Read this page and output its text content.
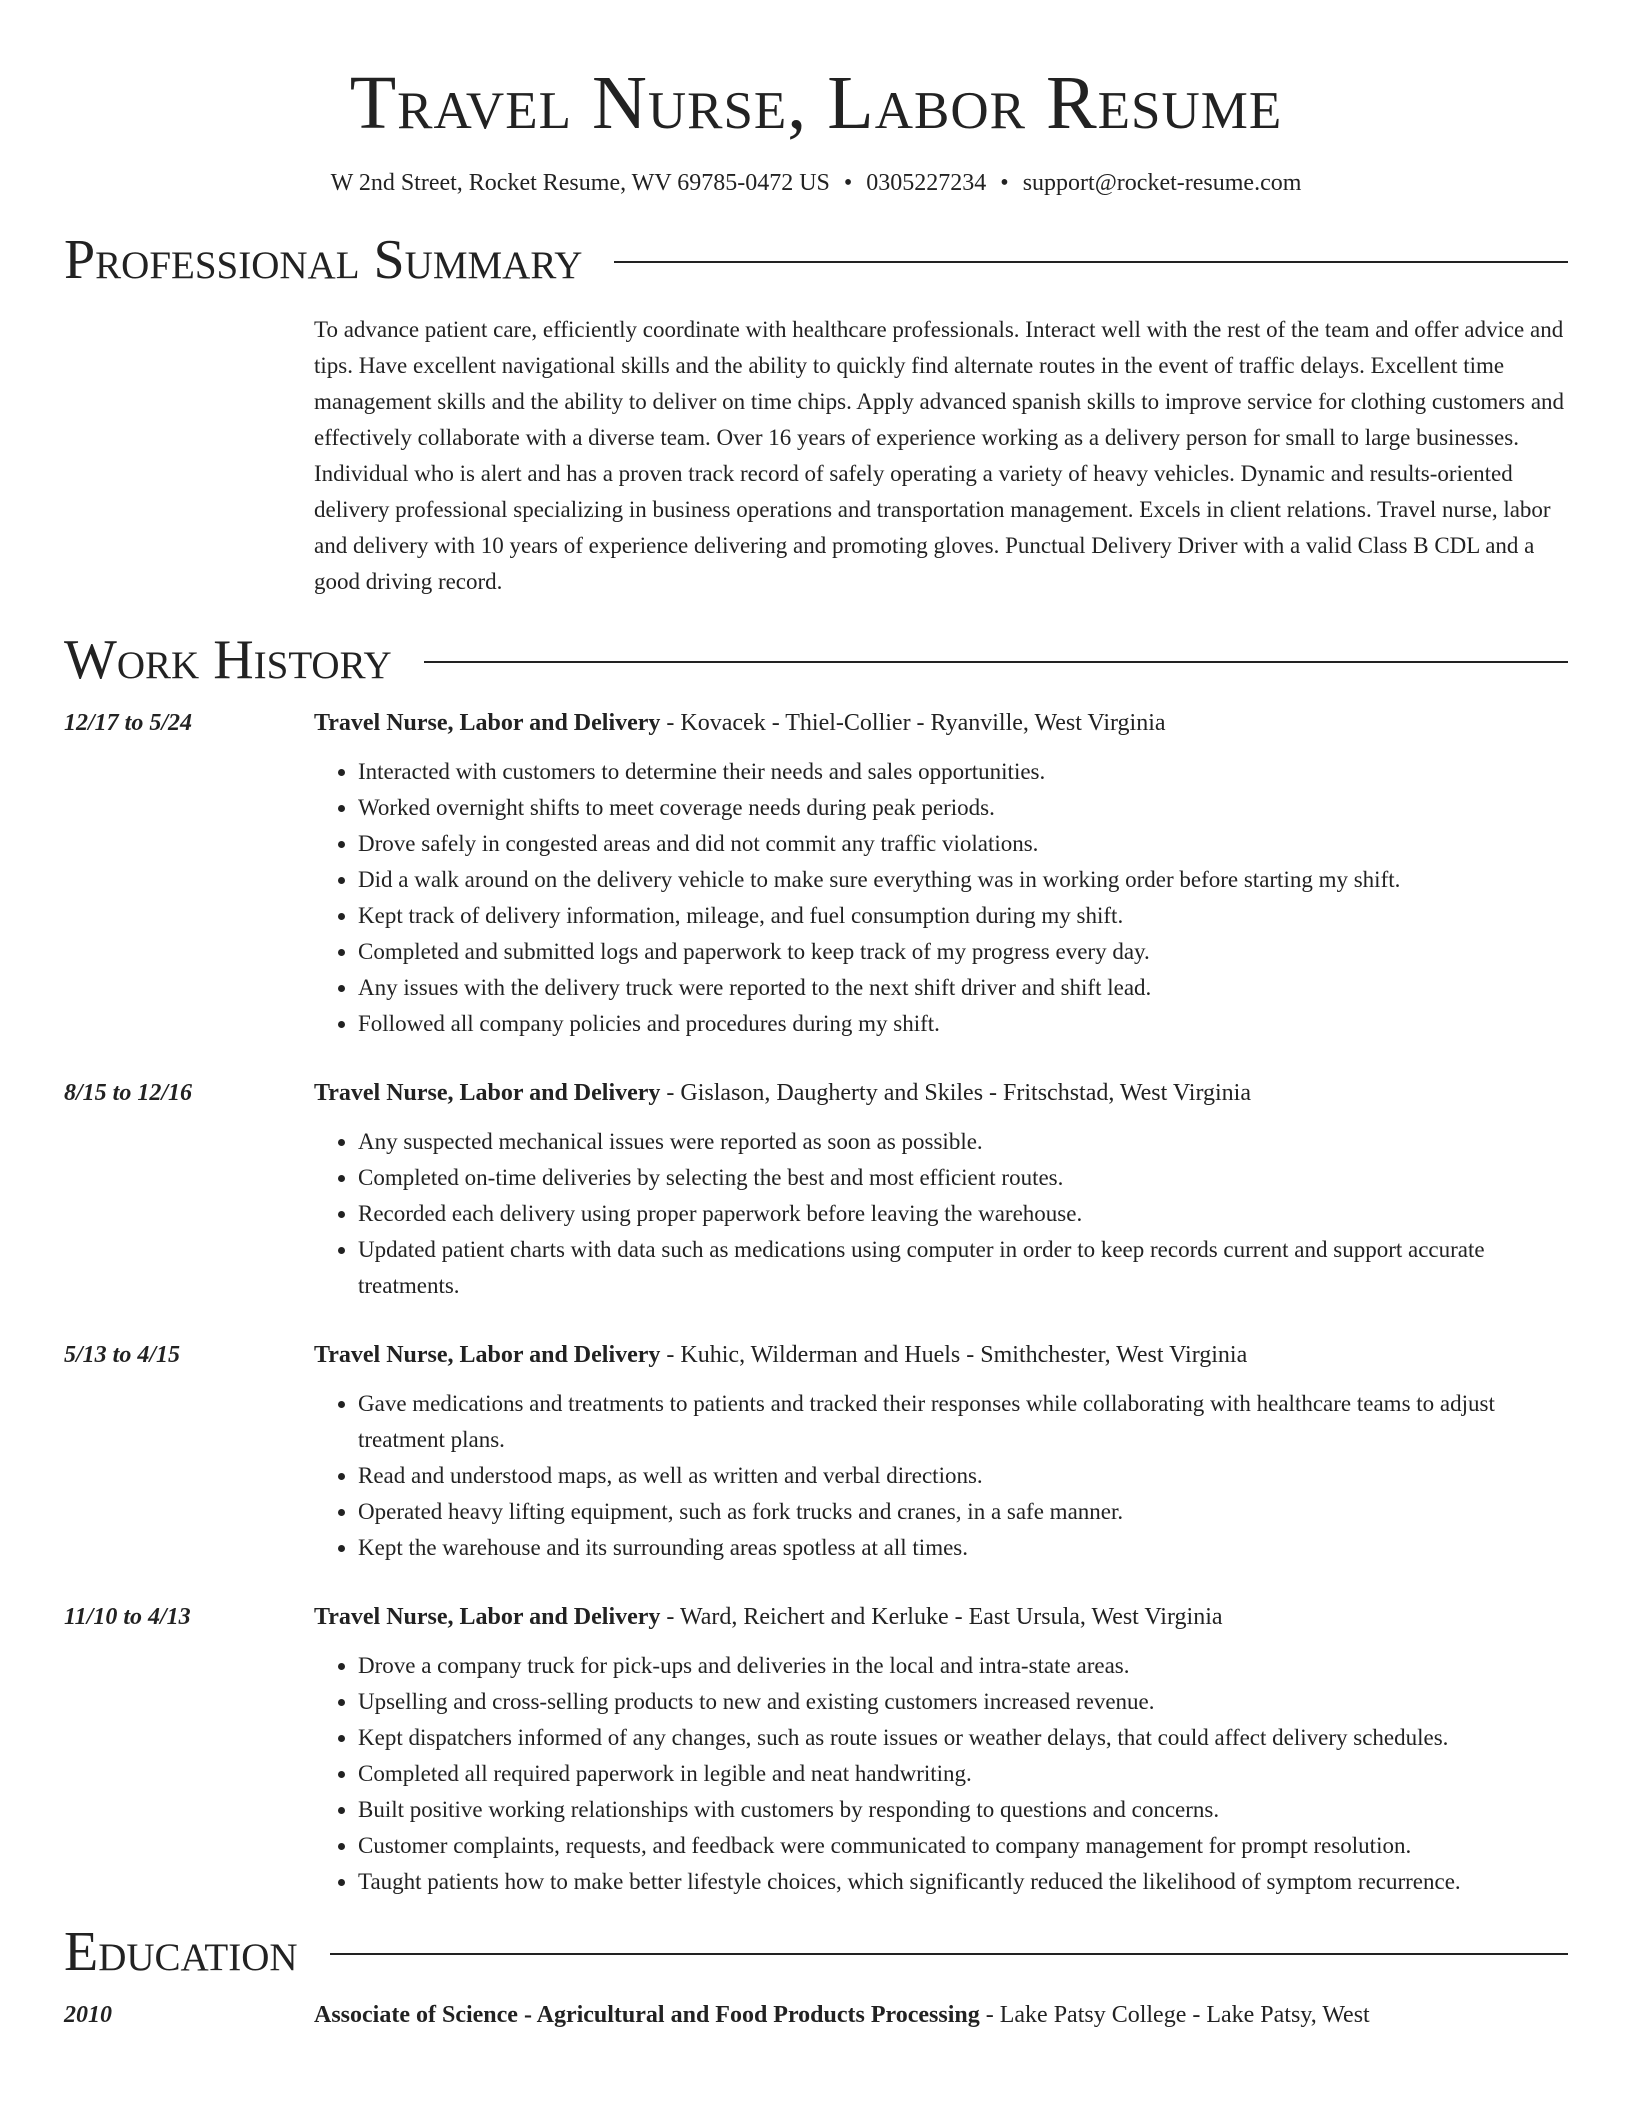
Travel Nurse, Labor Resume
W 2nd Street, Rocket Resume, WV 69785-0472 US • 0305227234 • support@rocket-resume.com
Professional Summary
To advance patient care, efficiently coordinate with healthcare professionals. Interact well with the rest of the team and offer advice and tips. Have excellent navigational skills and the ability to quickly find alternate routes in the event of traffic delays. Excellent time management skills and the ability to deliver on time chips. Apply advanced spanish skills to improve service for clothing customers and effectively collaborate with a diverse team. Over 16 years of experience working as a delivery person for small to large businesses. Individual who is alert and has a proven track record of safely operating a variety of heavy vehicles. Dynamic and results-oriented delivery professional specializing in business operations and transportation management. Excels in client relations. Travel nurse, labor and delivery with 10 years of experience delivering and promoting gloves. Punctual Delivery Driver with a valid Class B CDL and a good driving record.
Work History
12/17 to 5/24	Travel Nurse, Labor and Delivery - Kovacek - Thiel-Collier - Ryanville, West Virginia
• Interacted with customers to determine their needs and sales opportunities.
• Worked overnight shifts to meet coverage needs during peak periods.
• Drove safely in congested areas and did not commit any traffic violations.
• Did a walk around on the delivery vehicle to make sure everything was in working order before starting my shift.
• Kept track of delivery information, mileage, and fuel consumption during my shift.
• Completed and submitted logs and paperwork to keep track of my progress every day.
• Any issues with the delivery truck were reported to the next shift driver and shift lead.
• Followed all company policies and procedures during my shift.
8/15 to 12/16	Travel Nurse, Labor and Delivery - Gislason, Daugherty and Skiles - Fritschstad, West Virginia
• Any suspected mechanical issues were reported as soon as possible.
• Completed on-time deliveries by selecting the best and most efficient routes.
• Recorded each delivery using proper paperwork before leaving the warehouse.
• Updated patient charts with data such as medications using computer in order to keep records current and support accurate treatments.
5/13 to 4/15	Travel Nurse, Labor and Delivery - Kuhic, Wilderman and Huels - Smithchester, West Virginia
• Gave medications and treatments to patients and tracked their responses while collaborating with healthcare teams to adjust treatment plans.
• Read and understood maps, as well as written and verbal directions.
• Operated heavy lifting equipment, such as fork trucks and cranes, in a safe manner.
• Kept the warehouse and its surrounding areas spotless at all times.
11/10 to 4/13	Travel Nurse, Labor and Delivery - Ward, Reichert and Kerluke - East Ursula, West Virginia
• Drove a company truck for pick-ups and deliveries in the local and intra-state areas.
• Upselling and cross-selling products to new and existing customers increased revenue.
• Kept dispatchers informed of any changes, such as route issues or weather delays, that could affect delivery schedules.
• Completed all required paperwork in legible and neat handwriting.
• Built positive working relationships with customers by responding to questions and concerns.
• Customer complaints, requests, and feedback were communicated to company management for prompt resolution.
• Taught patients how to make better lifestyle choices, which significantly reduced the likelihood of symptom recurrence.
Education
2010	Associate of Science - Agricultural and Food Products Processing - Lake Patsy College - Lake Patsy, West
